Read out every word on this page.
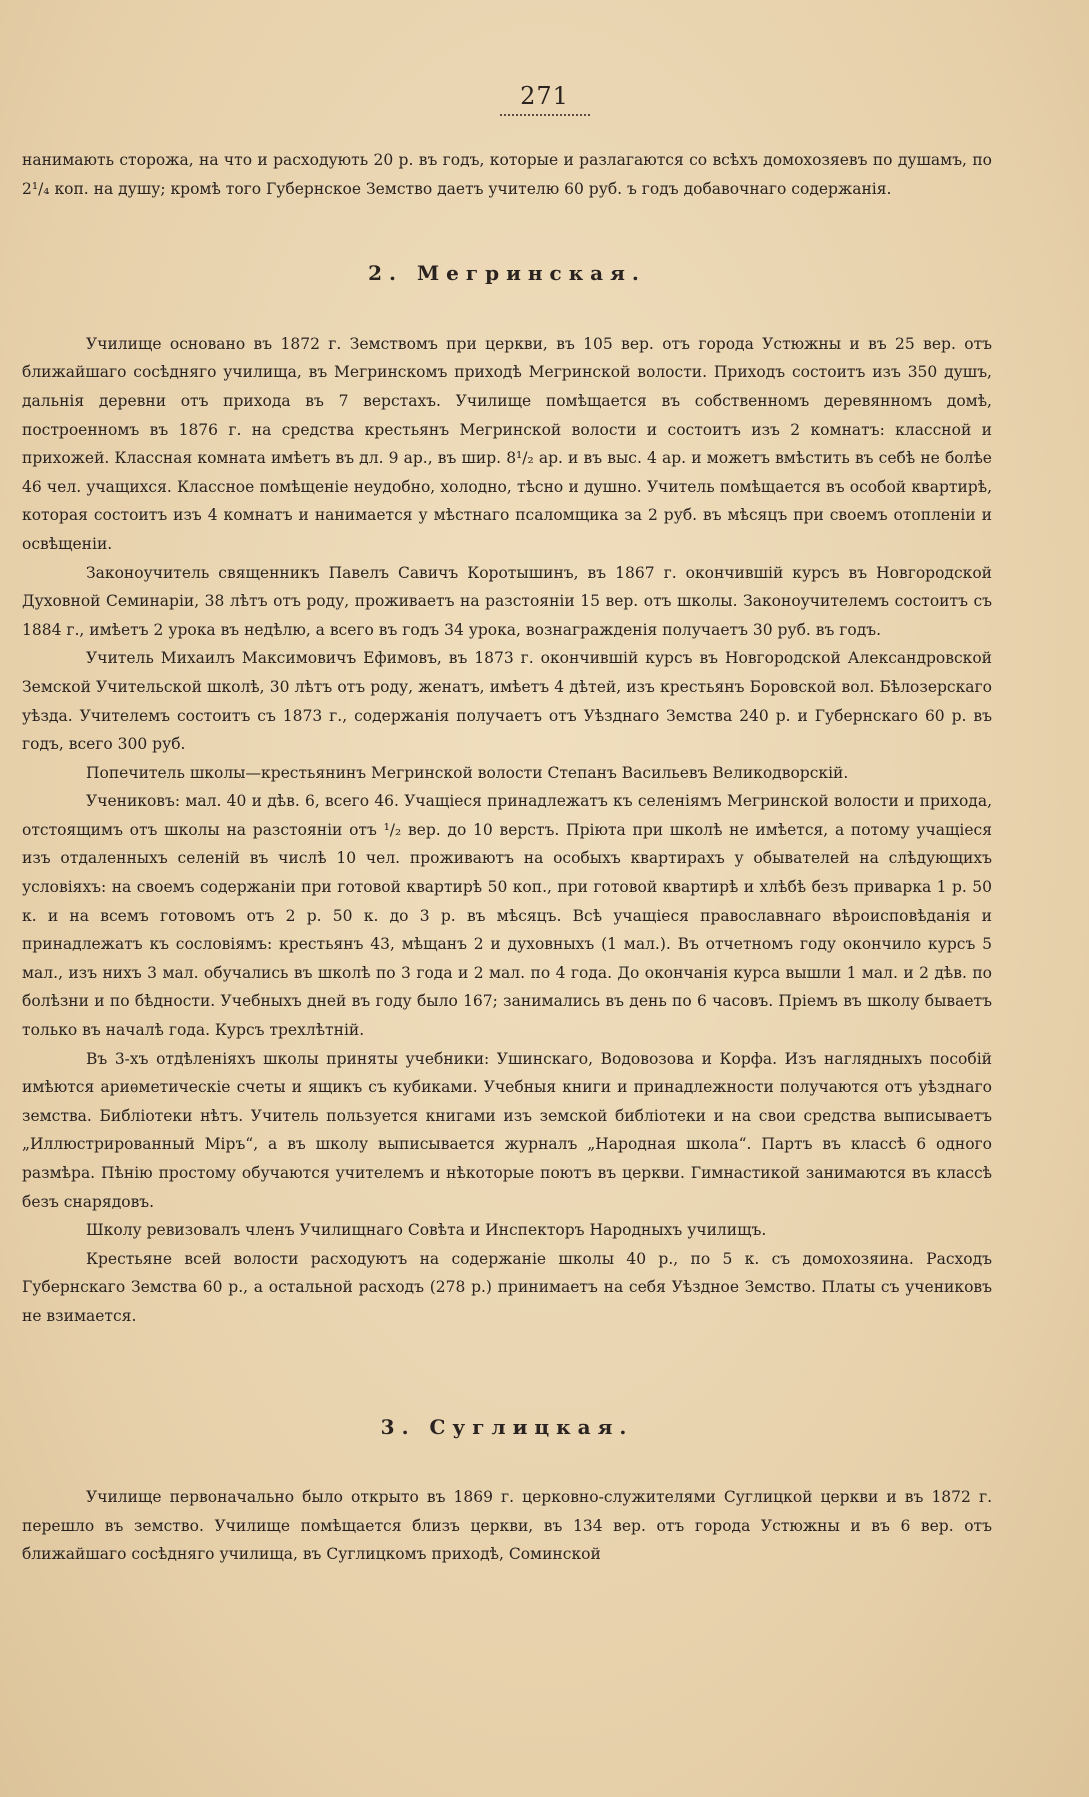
271

нанимають сторожа, на что и расходують 20 р. въ годъ, которые и разлагаются со всѣхъ домохозяевъ по душамъ, по 2¹/₄ коп. на душу; кромѣ того Губернское Земство даетъ учителю 60 руб. ъ годъ добавочнаго содержанія.

2. Мегринская.

Училище основано въ 1872 г. Земствомъ при церкви, въ 105 вер. отъ города Устюжны и въ 25 вер. отъ ближайшаго сосѣдняго училища, въ Мегринскомъ приходѣ Мегринской волости. Приходъ состоитъ изъ 350 душъ, дальнія деревни отъ прихода въ 7 верстахъ. Училище помѣщается въ собственномъ деревянномъ домѣ, построенномъ въ 1876 г. на средства крестьянъ Мегринской волости и состоитъ изъ 2 комнатъ: классной и прихожей. Классная комната имѣетъ въ дл. 9 ар., въ шир. 8¹/₂ ар. и въ выс. 4 ар. и можетъ вмѣстить въ себѣ не болѣе 46 чел. учащихся. Классное помѣщеніе неудобно, холодно, тѣсно и душно. Учитель помѣщается въ особой квартирѣ, которая состоитъ изъ 4 комнатъ и нанимается у мѣстнаго псаломщика за 2 руб. въ мѣсяцъ при своемъ отопленіи и освѣщеніи.

Законоучитель священникъ Павелъ Савичъ Коротышинъ, въ 1867 г. окончившій курсъ въ Новгородской Духовной Семинаріи, 38 лѣтъ отъ роду, проживаетъ на разстояніи 15 вер. отъ школы. Законоучителемъ состоитъ съ 1884 г., имѣетъ 2 урока въ недѣлю, а всего въ годъ 34 урока, вознагражденія получаетъ 30 руб. въ годъ.

Учитель Михаилъ Максимовичъ Ефимовъ, въ 1873 г. окончившій курсъ въ Новгородской Александровской Земской Учительской школѣ, 30 лѣтъ отъ роду, женатъ, имѣетъ 4 дѣтей, изъ крестьянъ Боровской вол. Бѣлозерскаго уѣзда. Учителемъ состоитъ съ 1873 г., содержанія получаетъ отъ Уѣзднаго Земства 240 р. и Губернскаго 60 р. въ годъ, всего 300 руб.

Попечитель школы—крестьянинъ Мегринской волости Степанъ Васильевъ Великодворскій.

Учениковъ: мал. 40 и дѣв. 6, всего 46. Учащіеся принадлежатъ къ селеніямъ Мегринской волости и прихода, отстоящимъ отъ школы на разстояніи отъ ¹/₂ вер. до 10 верстъ. Пріюта при школѣ не имѣется, а потому учащіеся изъ отдаленныхъ селеній въ числѣ 10 чел. проживаютъ на особыхъ квартирахъ у обывателей на слѣдующихъ условіяхъ: на своемъ содержаніи при готовой квартирѣ 50 коп., при готовой квартирѣ и хлѣбѣ безъ приварка 1 р. 50 к. и на всемъ готовомъ отъ 2 р. 50 к. до 3 р. въ мѣсяцъ. Всѣ учащіеся православнаго вѣроисповѣданія и принадлежатъ къ сословіямъ: крестьянъ 43, мѣщанъ 2 и духовныхъ (1 мал.). Въ отчетномъ году окончило курсъ 5 мал., изъ нихъ 3 мал. обучались въ школѣ по 3 года и 2 мал. по 4 года. До окончанія курса вышли 1 мал. и 2 дѣв. по болѣзни и по бѣдности. Учебныхъ дней въ году было 167; занимались въ день по 6 часовъ. Пріемъ въ школу бываетъ только въ началѣ года. Курсъ трехлѣтній.

Въ 3-хъ отдѣленіяхъ школы приняты учебники: Ушинскаго, Водовозова и Корфа. Изъ наглядныхъ пособій имѣются ариѳметическіе счеты и ящикъ съ кубиками. Учебныя книги и принадлежности получаются отъ уѣзднаго земства. Библіотеки нѣтъ. Учитель пользуется книгами изъ земской библіотеки и на свои средства выписываетъ „Иллюстрированный Міръ“, а въ школу выписывается журналъ „Народная школа“. Партъ въ классѣ 6 одного размѣра. Пѣнію простому обучаются учителемъ и нѣкоторые поютъ въ церкви. Гимнастикой занимаются въ классѣ безъ снарядовъ.

Школу ревизовалъ членъ Училищнаго Совѣта и Инспекторъ Народныхъ училищъ.

Крестьяне всей волости расходуютъ на содержаніе школы 40 р., по 5 к. съ домохозяина. Расходъ Губернскаго Земства 60 р., а остальной расходъ (278 р.) принимаетъ на себя Уѣздное Земство. Платы съ учениковъ не взимается.

3. Суглицкая.

Училище первоначально было открыто въ 1869 г. церковно-служителями Суглицкой церкви и въ 1872 г. перешло въ земство. Училище помѣщается близъ церкви, въ 134 вер. отъ города Устюжны и въ 6 вер. отъ ближайшаго сосѣдняго училища, въ Суглицкомъ приходѣ, Соминской
